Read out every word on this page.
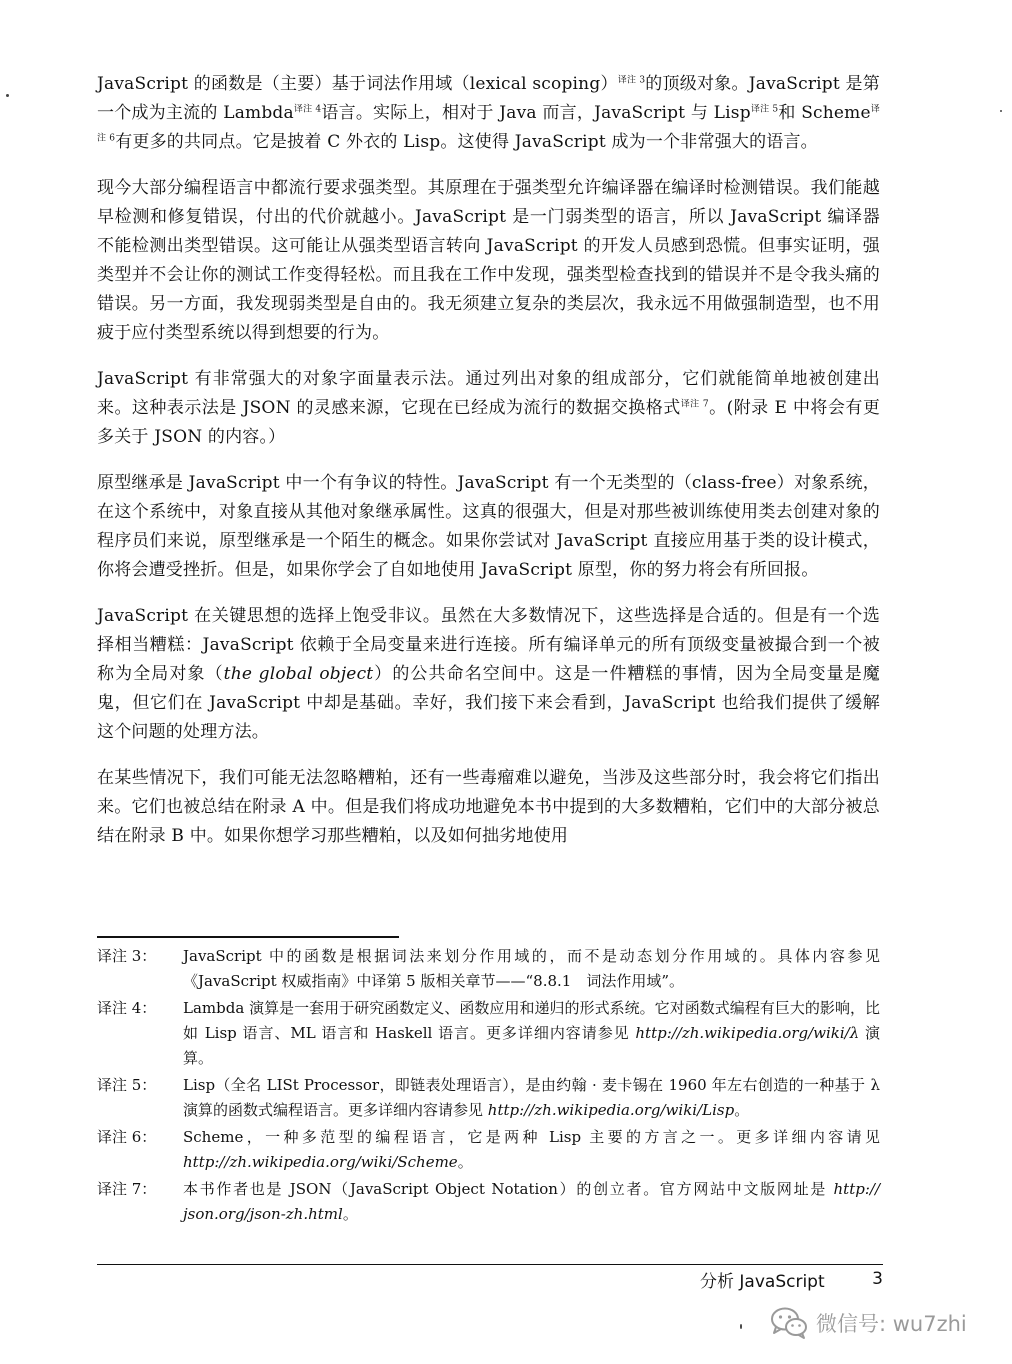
JavaScript 的函数是（主要）基于词法作用域（lexical scoping）$^{译注 3}$的顶级对象。JavaScript 是第一个成为主流的 Lambda$^{译注 4}$语言。实际上，相对于 Java 而言，JavaScript 与 Lisp$^{译注 5}$和 Scheme$^{译注 6}$有更多的共同点。它是披着 C 外衣的 Lisp。这使得 JavaScript 成为一个非常强大的语言。

现今大部分编程语言中都流行要求强类型。其原理在于强类型允许编译器在编译时检测错误。我们能越早检测和修复错误，付出的代价就越小。JavaScript 是一门弱类型的语言，所以 JavaScript 编译器不能检测出类型错误。这可能让从强类型语言转向 JavaScript 的开发人员感到恐慌。但事实证明，强类型并不会让你的测试工作变得轻松。而且我在工作中发现，强类型检查找到的错误并不是令我头痛的错误。另一方面，我发现弱类型是自由的。我无须建立复杂的类层次，我永远不用做强制造型，也不用疲于应付类型系统以得到想要的行为。

JavaScript 有非常强大的对象字面量表示法。通过列出对象的组成部分，它们就能简单地被创建出来。这种表示法是 JSON 的灵感来源，它现在已经成为流行的数据交换格式$^{译注 7}$。(附录 E 中将会有更多关于 JSON 的内容。）

原型继承是 JavaScript 中一个有争议的特性。JavaScript 有一个无类型的（class-free）对象系统，在这个系统中，对象直接从其他对象继承属性。这真的很强大，但是对那些被训练使用类去创建对象的程序员们来说，原型继承是一个陌生的概念。如果你尝试对 JavaScript 直接应用基于类的设计模式，你将会遭受挫折。但是，如果你学会了自如地使用 JavaScript 原型，你的努力将会有所回报。

JavaScript 在关键思想的选择上饱受非议。虽然在大多数情况下，这些选择是合适的。但是有一个选择相当糟糕：JavaScript 依赖于全局变量来进行连接。所有编译单元的所有顶级变量被撮合到一个被称为全局对象（the global object）的公共命名空间中。这是一件糟糕的事情，因为全局变量是魔鬼，但它们在 JavaScript 中却是基础。幸好，我们接下来会看到，JavaScript 也给我们提供了缓解这个问题的处理方法。

在某些情况下，我们可能无法忽略糟粕，还有一些毒瘤难以避免，当涉及这些部分时，我会将它们指出来。它们也被总结在附录 A 中。但是我们将成功地避免本书中提到的大多数糟粕，它们中的大部分被总结在附录 B 中。如果你想学习那些糟粕，以及如何拙劣地使用

译注 3：	JavaScript 中的函数是根据词法来划分作用域的，而不是动态划分作用域的。具体内容参见《JavaScript 权威指南》中译第 5 版相关章节——“8.8.1　词法作用域”。
译注 4：	Lambda 演算是一套用于研究函数定义、函数应用和递归的形式系统。它对函数式编程有巨大的影响，比如 Lisp 语言、ML 语言和 Haskell 语言。更多详细内容请参见 http://zh.wikipedia.org/wiki/λ 演算。
译注 5：	Lisp（全名 LISt Processor，即链表处理语言），是由约翰 · 麦卡锡在 1960 年左右创造的一种基于 λ 演算的函数式编程语言。更多详细内容请参见 http://zh.wikipedia.org/wiki/Lisp。
译注 6：	Scheme，一种多范型的编程语言，它是两种 Lisp 主要的方言之一。更多详细内容请见 http://zh.wikipedia.org/wiki/Scheme。
译注 7：	本书作者也是 JSON（JavaScript Object Notation）的创立者。官方网站中文版网址是 http:// json.org/json-zh.html。
分析 JavaScript	3
微信号: wu7zhi
